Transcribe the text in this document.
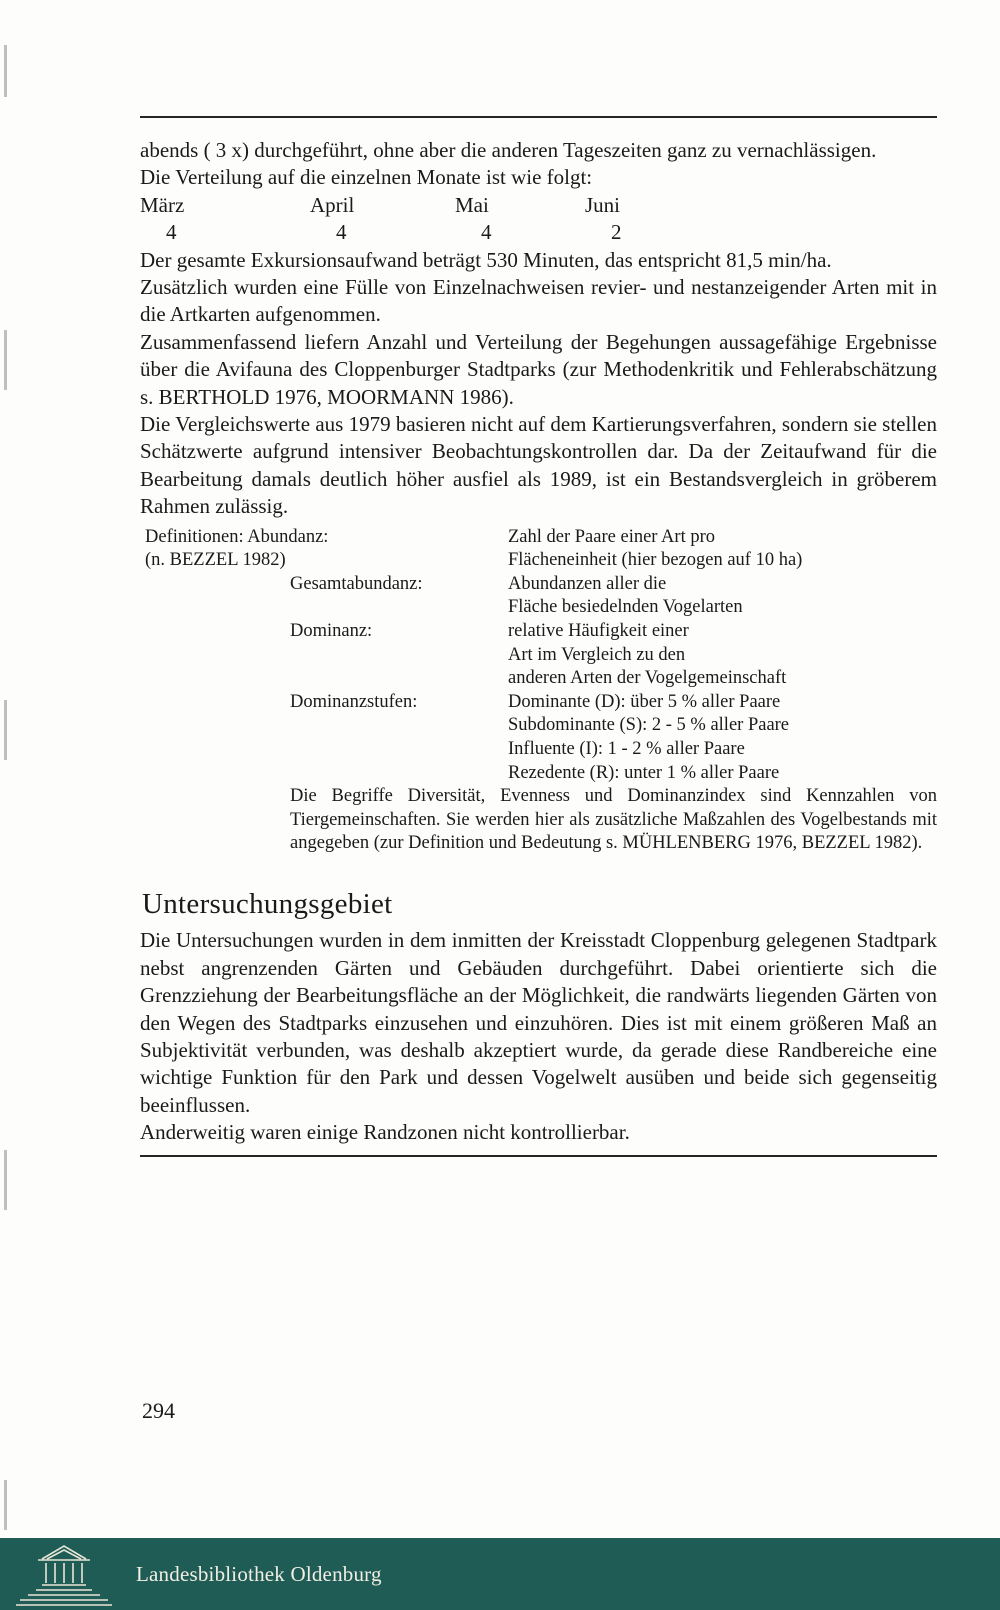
abends ( 3 x) durchgeführt, ohne aber die anderen Tageszeiten ganz zu vernachlässigen.

Die Verteilung auf die einzelnen Monate ist wie folgt:

März	April	Mai	Juni
4	4	4	2

Der gesamte Exkursionsaufwand beträgt 530 Minuten, das entspricht 81,5 min/ha.

Zusätzlich wurden eine Fülle von Einzelnachweisen revier- und nestanzeigender Arten mit in die Artkarten aufgenommen.

Zusammenfassend liefern Anzahl und Verteilung der Begehungen aussagefähige Ergebnisse über die Avifauna des Cloppenburger Stadtparks (zur Methodenkritik und Fehlerabschätzung s. BERTHOLD 1976, MOORMANN 1986).

Die Vergleichswerte aus 1979 basieren nicht auf dem Kartierungsverfahren, sondern sie stellen Schätzwerte aufgrund intensiver Beobachtungskontrollen dar. Da der Zeitaufwand für die Bearbeitung damals deutlich höher ausfiel als 1989, ist ein Bestandsvergleich in gröberem Rahmen zulässig.

Definitionen: Abundanz:	Zahl der Paare einer Art pro
(n. BEZZEL 1982)	Flächeneinheit (hier bezogen auf 10 ha)
Gesamtabundanz:	Abundanzen aller die
Fläche besiedelnden Vogelarten
Dominanz:	relative Häufigkeit einer
Art im Vergleich zu den
anderen Arten der Vogelgemeinschaft
Dominanzstufen:	Dominante (D): über 5 % aller Paare
Subdominante (S): 2 - 5 % aller Paare
Influente (I): 1 - 2 % aller Paare
Rezedente (R): unter 1 % aller Paare

Die Begriffe Diversität, Evenness und Dominanzindex sind Kennzahlen von Tiergemeinschaften. Sie werden hier als zusätzliche Maßzahlen des Vogelbestands mit angegeben (zur Definition und Bedeutung s. MÜHLENBERG 1976, BEZZEL 1982).

Untersuchungsgebiet

Die Untersuchungen wurden in dem inmitten der Kreisstadt Cloppenburg gelegenen Stadtpark nebst angrenzenden Gärten und Gebäuden durchgeführt. Dabei orientierte sich die Grenzziehung der Bearbeitungsfläche an der Möglichkeit, die randwärts liegenden Gärten von den Wegen des Stadtparks einzusehen und einzuhören. Dies ist mit einem größeren Maß an Subjektivität verbunden, was deshalb akzeptiert wurde, da gerade diese Randbereiche eine wichtige Funktion für den Park und dessen Vogelwelt ausüben und beide sich gegenseitig beeinflussen.

Anderweitig waren einige Randzonen nicht kontrollierbar.

294
Landesbibliothek Oldenburg
